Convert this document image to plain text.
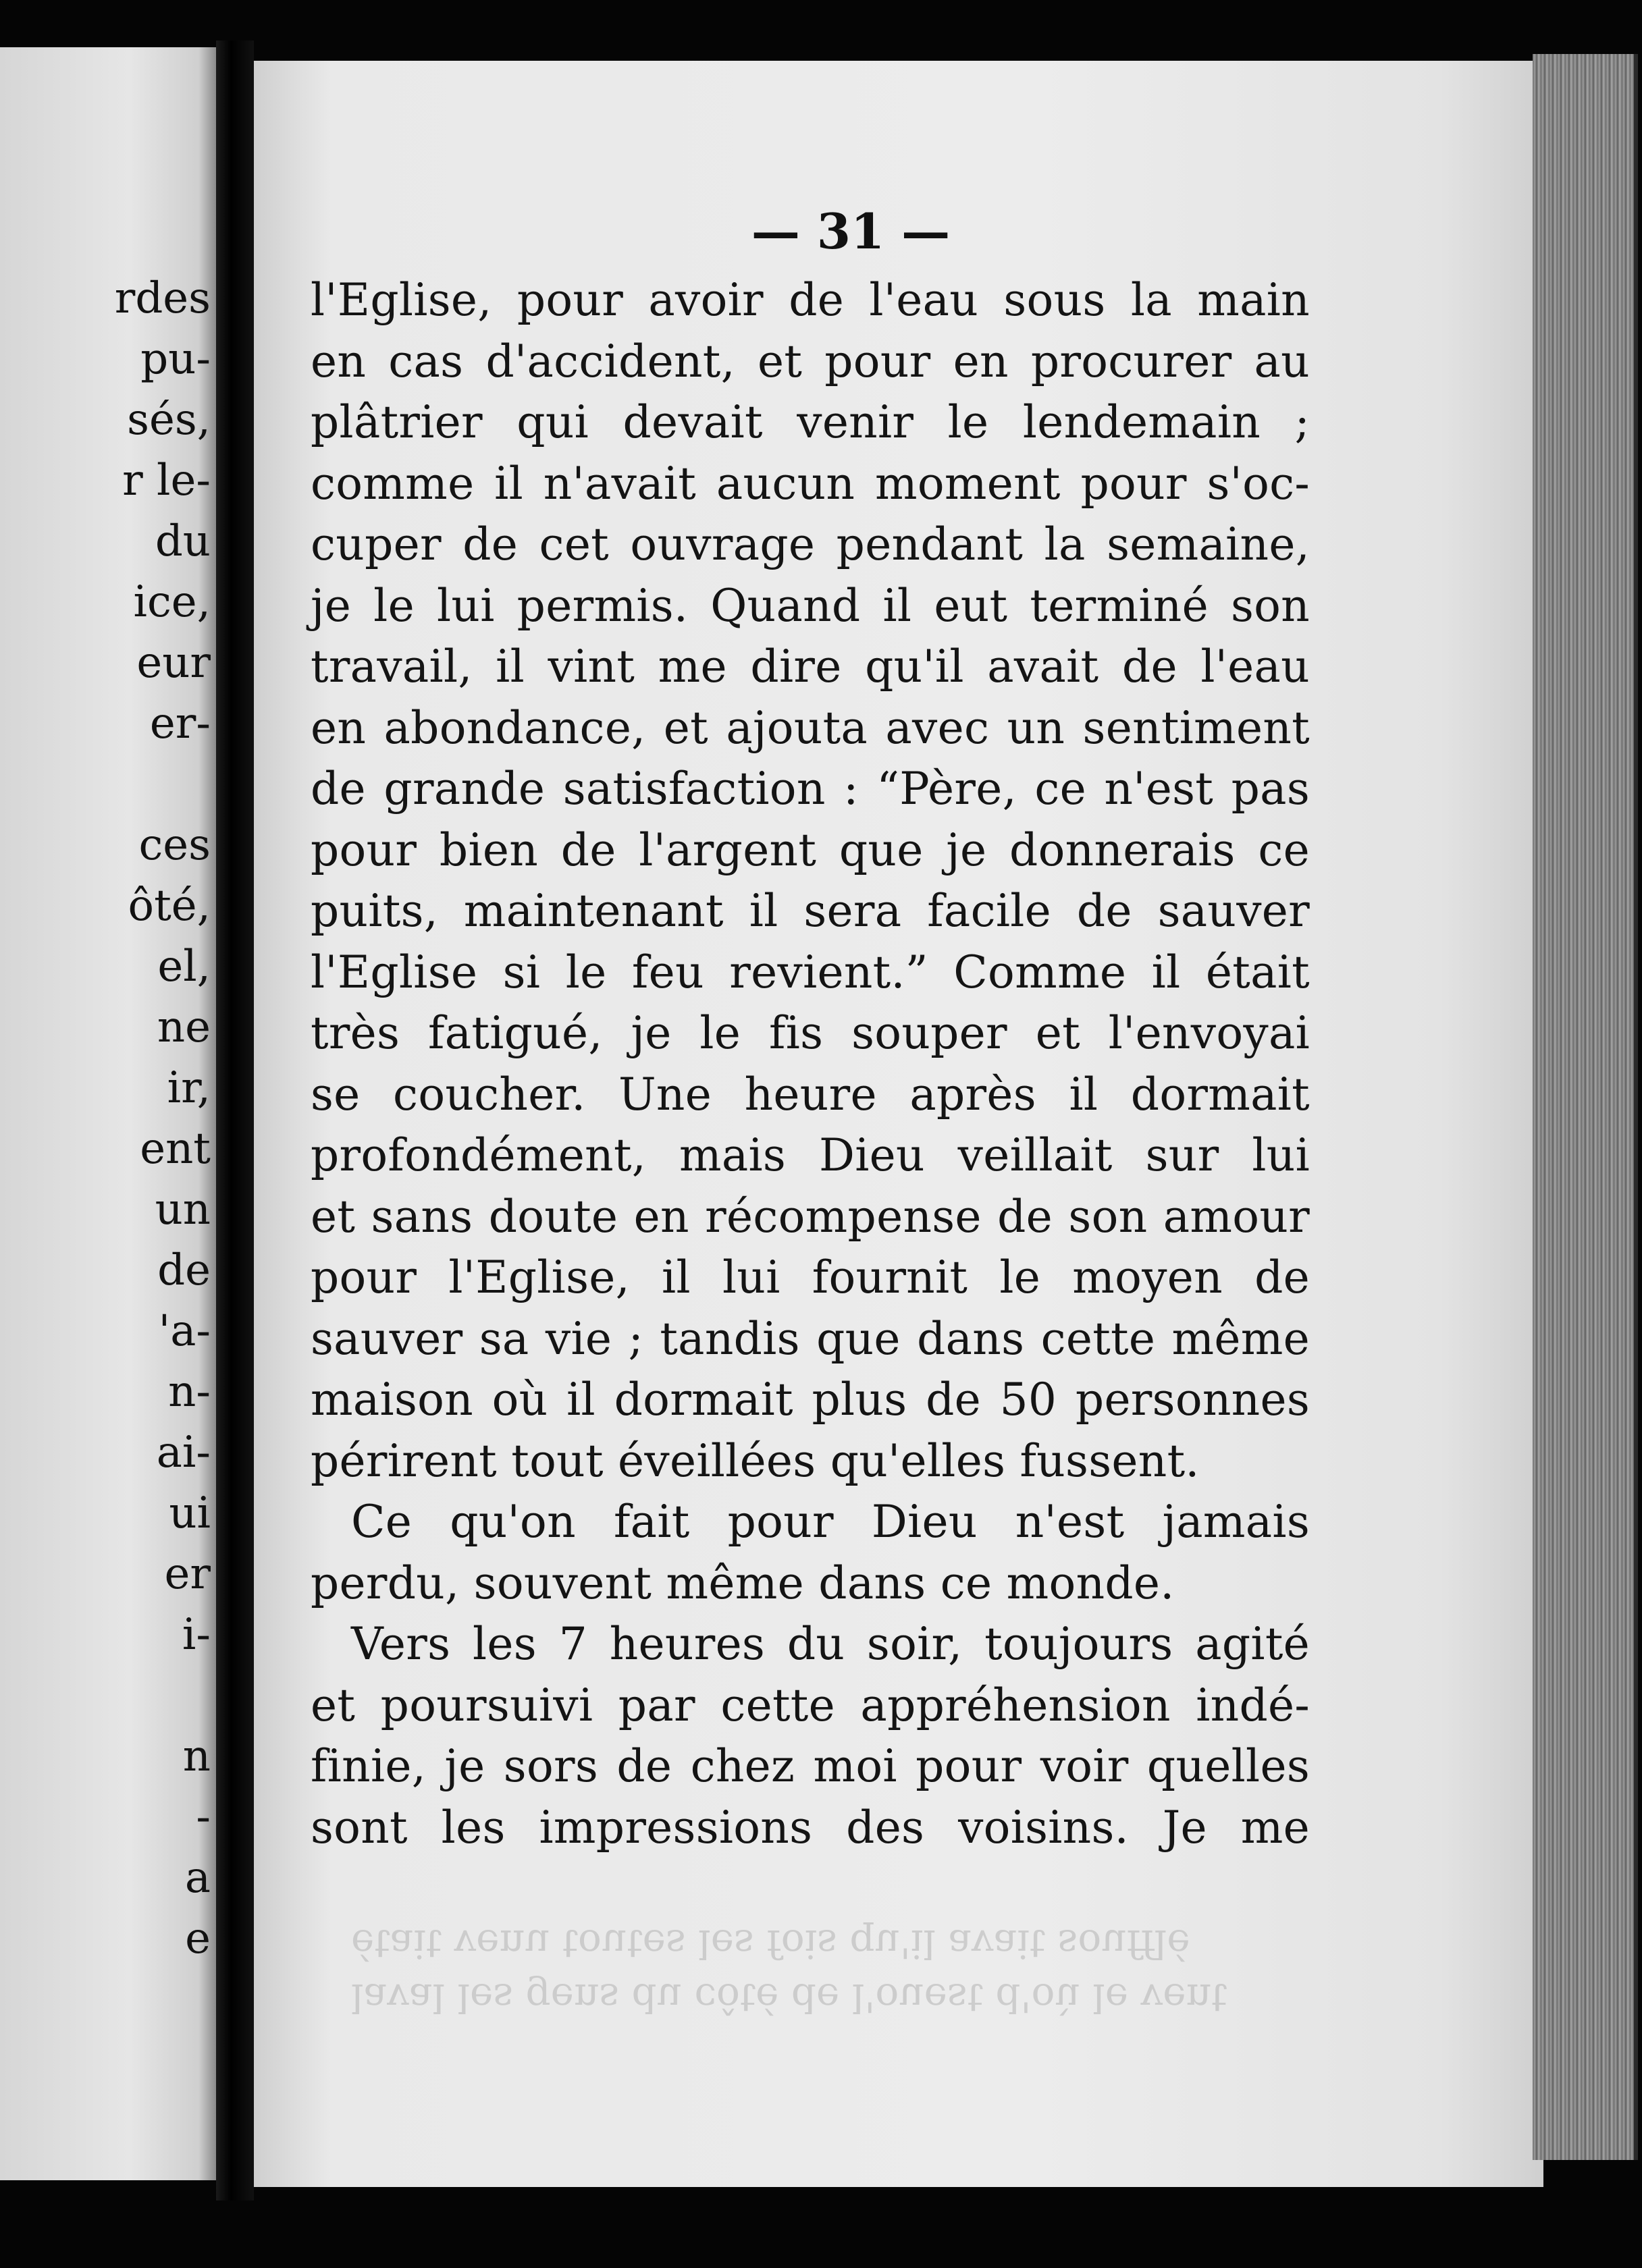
rdes
pu-
sés,
r le-
du
ice,
eur
er-
ces
ôté,
el,
ne
ir,
ent
un
de
'a-
n-
ai-
ui
er
i-
n
-
a
e
— 31 —
l'Eglise, pour avoir de l'eau sous la main
en cas d'accident, et pour en procurer au
plâtrier qui devait venir le lendemain ;
comme il n'avait aucun moment pour s'oc-
cuper de cet ouvrage pendant la semaine,
je le lui permis. Quand il eut terminé son
travail, il vint me dire qu'il avait de l'eau
en abondance, et ajouta avec un sentiment
de grande satisfaction : “Père, ce n'est pas
pour bien de l'argent que je donnerais ce
puits, maintenant il sera facile de sauver
l'Eglise si le feu revient.” Comme il était
très fatigué, je le fis souper et l'envoyai
se coucher. Une heure après il dormait
profondément, mais Dieu veillait sur lui
et sans doute en récompense de son amour
pour l'Eglise, il lui fournit le moyen de
sauver sa vie ; tandis que dans cette même
maison où il dormait plus de 50 personnes
périrent tout éveillées qu'elles fussent.
Ce qu'on fait pour Dieu n'est jamais
perdu, souvent même dans ce monde.
Vers les 7 heures du soir, toujours agité
et poursuivi par cette appréhension indé-
finie, je sors de chez moi pour voir quelles
sont les impressions des voisins. Je me
laval les gens du côté de l'ouest d'où le vent
était venu toutes les fois qu'il avait soufflé
